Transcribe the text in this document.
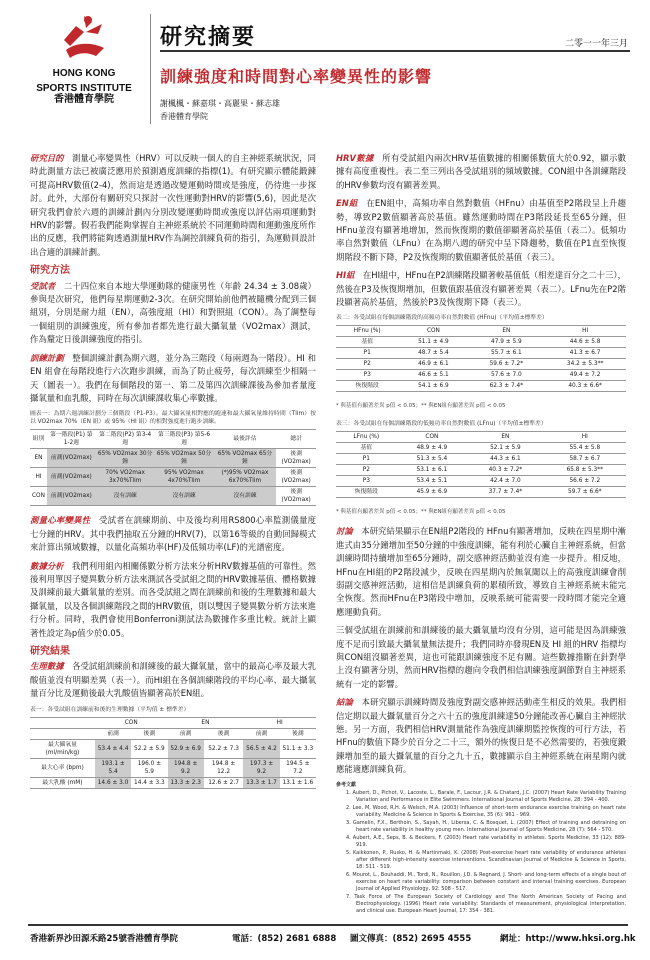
HONG KONG
SPORTS INSTITUTE
香港體育學院
研究摘要	二零一一年三月
訓練強度和時間對心率變異性的影響
謝楓楓・蘇嘉琪・高麗果・蘇志雄
香港體育學院

研究目的　 測量心率變異性（HRV）可以反映一個人的自主神經系統狀況，同時此測量方法已被廣泛應用於預測過度訓練的指標(1)。有研究顯示體能鍛鍊可提高HRV數值(2-4)，然而這是透過改變運動時間或是強度，仍待進一步探討。此外，大部份有關研究只探討一次性運動對HRV的影響(5,6)，因此是次研究我們會於六週的訓練計劃內分別改變運動時間或強度以評估兩項運動對HRV的影響。假若我們能夠掌握自主神經系統於不同運動時間和運動強度所作出的反應，我們將能夠透過測量HRV作為調控訓練負荷的指引，為運動員設計出合適的訓練計劃。

研究方法

受試者　 二十四位來自本地大學運動隊的健康男性（年齡 24.34 ± 3.08歲）參與是次研究，他們每星期運動2-3次。在研究開始前他們被隨機分配到三個組別，分別是耐力組（EN），高強度組（HI）和對照組（CON）。為了調整每一個組別的訓練強度，所有參加者都先進行最大攝氧量（VO2max）測試，作為釐定日後訓練強度的指引。

訓練計劃　 整個訓練計劃為期六週，並分為三階段（每兩週為一階段）。HI 和 EN 組會在每階段進行六次跑步訓練，而為了防止疲勞，每次訓練至少相隔一天（圖表一）。我們在每個階段的第一、第二及第四次訓練課後為參加者量度攝氧量和血乳酸，同時在每次訓練課收集心率數據。

圖表一：為期六週訓練計劃分三個階段（P1-P3）。最大攝氧量相對應的跑速和最大攝氧量維持時間（Tlim）按以 VO2max 70%（EN 組）或 95%（HI 組）的相對強度進行跑步訓練。
組別	第一階段(P1) 第1-2週	第二階段(P2) 第3-4週	第三階段(P3) 第5-6週	最後評估	總計
EN	前測(VO2max)	65% VO2max 30分鐘	65% VO2max 50分鐘	65% VO2max 65分鐘	後測(VO2max)
HI	前測(VO2max)	70% VO2max 3x70%Tlim	95% VO2max 4x70%Tlim	(*)95% VO2max 6x70%Tlim	後測(VO2max)
CON	前測(VO2max)	沒有訓練	沒有訓練	沒有訓練	後測(VO2max)

測量心率變異性　 受試者在訓練期前、中及後均利用RS800心率監測儀量度七分鐘的HRV。其中我們抽取五分鐘的HRV(7)，以第16等級的自動回歸模式來計算出頻域數據，以量化高頻功率(HF)及低頻功率(LF)的光譜密度。

數據分析　 我們利用組內相關係數分析方法來分析HRV數據基值的可靠性。然後利用單因子變異數分析方法來測試各受試組之間的HRV數據基值、體格數據及訓練前最大攝氧量的差別。而各受試組之間在訓練前和後的生理數據和最大攝氧量，以及各個訓練階段之間的HRV數值，則以雙因子變異數分析方法來進行分析。同時，我們會使用Bonferroni測試法為數據作多重比較。統計上顯著性設定為p值少於0.05。

研究結果

生理數據　 各受試組訓練前和訓練後的最大攝氧量，當中的最高心率及最大乳酸值並沒有明顯差異（表一）。而HI組在各個訓練階段的平均心率、最大攝氧量百分比及運動後最大乳酸值皆顯著高於EN組。

表一：各受試組在訓練前和後的生理數據（平均值 ± 標準差）
	CON		EN		HI	
	前測	後測	前測	後測	前測	後測
最大攝氧量 (ml/min/kg)	53.4 ± 4.4	52.2 ± 5.9	52.9 ± 6.9	52.2 ± 7.3	56.5 ± 4.2	51.1 ± 3.3
最大心率 (bpm)	193.1 ± 5.4	196.0 ± 5.9	194.8 ± 9.2	194.8 ± 12.2	197.3 ± 9.2	194.5 ± 7.2
最大乳酸 (mM)	14.6 ± 3.0	14.4 ± 3.3	13.3 ± 2.3	12.6 ± 2.7	13.3 ± 1.7	13.1 ± 1.6

HRV數據　 所有受試組內兩次HRV基值數據的相關係數值大於0.92，顯示數據有高度重複性。表二至三列出各受試組別的頻域數據。CON組中各訓練階段的HRV參數均沒有顯著差異。

EN組　 在EN組中，高頻功率自然對數值（HFnu）由基值至P2階段呈上升趨勢，導致P2數值顯著高於基值。雖然運動時間在P3階段延長至65分鐘，但HFnu並沒有顯著地增加，然而恢復期的數值卻顯著高於基值（表二）。低頻功率自然對數值（LFnu）在為期八週的研究中呈下降趨勢，數值在P1直至恢復期階段不斷下降，P2及恢復期的數值顯著低於基值（表三）。

HI組　 在HI組中，HFnu在P2訓練階段顯著較基值低（相差達百分之二十三），然後在P3及恢復期增加，但數值跟基值沒有顯著差異（表二）。LFnu先在P2階段顯著高於基值，然後於P3及恢復期下降（表三）。

表二：各受試組在每個訓練階段的高頻功率自然對數值 (HFnu)（平均值±標準差）
HFnu (%)	CON	EN	HI
基值	51.1 ± 4.9	47.9 ± 5.9	44.6 ± 5.8
P1	48.7 ± 5.4	55.7 ± 6.1	41.3 ± 6.7
P2	46.9 ± 6.1	59.6 ± 7.2*	34.2 ± 5.3**
P3	46.6 ± 5.1	57.6 ± 7.0	49.4 ± 7.2
恢復階段	54.1 ± 6.9	62.3 ± 7.4*	40.3 ± 6.6*
* 與基值有顯著差異 p值 < 0.05；** 與EN組有顯著差異 p值 < 0.05
表三：各受試組在每個訓練階段的低頻功率自然對數值 (LFnu)（平均值±標準差）
LFnu (%)	CON	EN	HI
基值	48.9 ± 4.9	52.1 ± 5.9	55.4 ± 5.8
P1	51.3 ± 5.4	44.3 ± 6.1	58.7 ± 6.7
P2	53.1 ± 6.1	40.3 ± 7.2*	65.8 ± 5.3**
P3	53.4 ± 5.1	42.4 ± 7.0	56.6 ± 7.2
恢復階段	45.9 ± 6.9	37.7 ± 7.4*	59.7 ± 6.6*
* 與基值有顯著差異 p值 < 0.05；** 與EN組有顯著差異 p值 < 0.05

討論　 本研究結果顯示在EN組P2階段的 HFnu有顯著增加，反映在四星期中漸進式由35分鐘增加至50分鐘的中強度訓練，能有利於心臟自主神經系統，但當訓練時間持續增加至65分鐘時，副交感神經活動並沒有進一步提升。相反地，HFnu在HI組的P2階段減少，反映在四星期內於無氧閾以上的高強度訓練會削弱副交感神經活動，這相信是訓練負荷的累積所致，導致自主神經系統未能完全恢復。然而HFnu在P3階段中增加，反映系統可能需要一段時間才能完全適應運動負荷。

三個受試組在訓練前和訓練後的最大攝氧量均沒有分別，這可能是因為訓練強度不足而引致最大攝氧量無法提升；我們同時亦發現EN及 HI 組的HRV 指標均與CON組沒顯著差異，這也可能跟訓練強度不足有關。這些數據推斷在針對學上沒有顯著分別，然而HRV指標的趨向令我們相信訓練強度調節對自主神經系統有一定的影響。

結論　 本研究顯示訓練時間及強度對副交感神經活動產生相反的效果。我們相信定期以最大攝氧量百分之六十五的強度訓練達50分鐘能改善心臟自主神經狀態。另一方面，我們相信HRV測量能作為強度訓練期監控恢復的可行方法，若HFnu的數值下降少於百分之二十三，額外的恢復日是不必然需要的，若強度鍛鍊增加至的最大攝氧量的百分之九十五，數據顯示自主神經系統在兩星期內就應能適應訓練負荷。

參考文獻
1. Aubert, D., Pichot, V., Lacoste, L., Barale, F., Lacour, J.R. & Chatard, J.C. (2007) Heart Rate Variability Training Variation and Performance in Elite Swimmers. International Journal of Sports Medicine, 28: 394 - 400.
2. Lee, M, Wood, R.H. & Welsch, M.A. (2003) Influence of short-term endurance exercise training on heart rate variability. Medicine & Science in Sports & Exercise, 35 (6): 961 - 969.
3. Gamelin, F.X., Berthoin, S., Sayah, H., Libersa, C. & Bosquet, L. (2007) Effect of training and detraining on heart rate variability in healthy young men. International Journal of Sports Medicine, 28 (7): 564 - 570.
4. Aubert, A.E., Seps, B. & Beckers, F. (2003) Heart rate variability in athletes. Sports Medicine, 33 (12): 889-919.
5. Kaikkonen, P., Rusko, H. & Martinmaki, K. (2008) Post-exercise heart rate variability of endurance athletes after different high-intensity exercise interventions. Scandinavian Journal of Medicine & Science in Sports, 18: 511 - 519.
6. Mourot, L., Bouhaddi, M., Tordi, N., Rouillon, J.D. & Regnard, J. Short- and long-term effects of a single bout of exercise on heart rate variability: comparison between constant and interval training exercises. European Journal of Applied Physiology, 92: 508 - 517.
7. Task Force of The European Society of Cardiology and The North American Society of Pacing and Electrophysiology. (1996) Heart rate variability: Standards of measurement, physiological interpretation, and clinical use. European Heart Journal, 17: 354 - 381.
香港新界沙田源禾路25號香港體育學院	電話：(852) 2681 6888 圖文傳真：(852) 2695 4555	網址：http://www.hksi.org.hk
